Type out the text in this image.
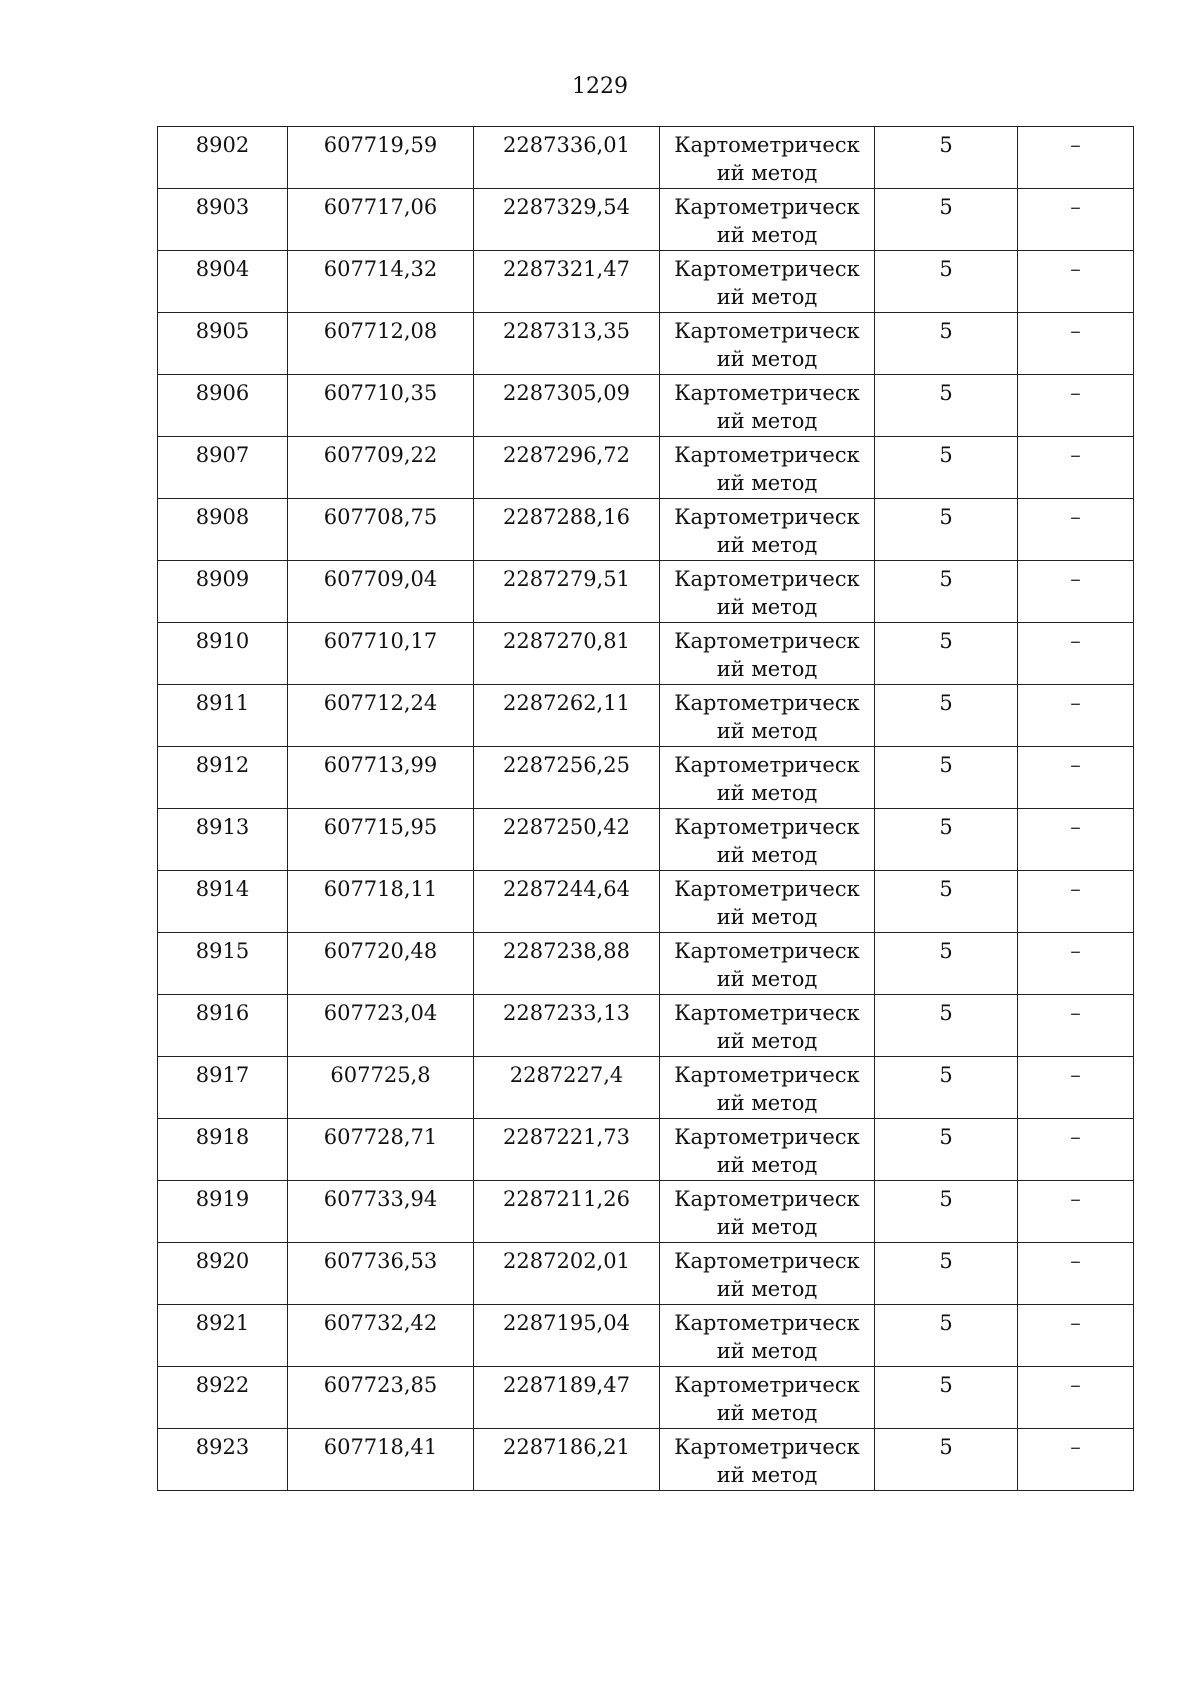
1229
8902	607719,59	2287336,01	Картометрический метод	5	–
8903	607717,06	2287329,54	Картометрический метод	5	–
8904	607714,32	2287321,47	Картометрический метод	5	–
8905	607712,08	2287313,35	Картометрический метод	5	–
8906	607710,35	2287305,09	Картометрический метод	5	–
8907	607709,22	2287296,72	Картометрический метод	5	–
8908	607708,75	2287288,16	Картометрический метод	5	–
8909	607709,04	2287279,51	Картометрический метод	5	–
8910	607710,17	2287270,81	Картометрический метод	5	–
8911	607712,24	2287262,11	Картометрический метод	5	–
8912	607713,99	2287256,25	Картометрический метод	5	–
8913	607715,95	2287250,42	Картометрический метод	5	–
8914	607718,11	2287244,64	Картометрический метод	5	–
8915	607720,48	2287238,88	Картометрический метод	5	–
8916	607723,04	2287233,13	Картометрический метод	5	–
8917	607725,8	2287227,4	Картометрический метод	5	–
8918	607728,71	2287221,73	Картометрический метод	5	–
8919	607733,94	2287211,26	Картометрический метод	5	–
8920	607736,53	2287202,01	Картометрический метод	5	–
8921	607732,42	2287195,04	Картометрический метод	5	–
8922	607723,85	2287189,47	Картометрический метод	5	–
8923	607718,41	2287186,21	Картометрический метод	5	–
